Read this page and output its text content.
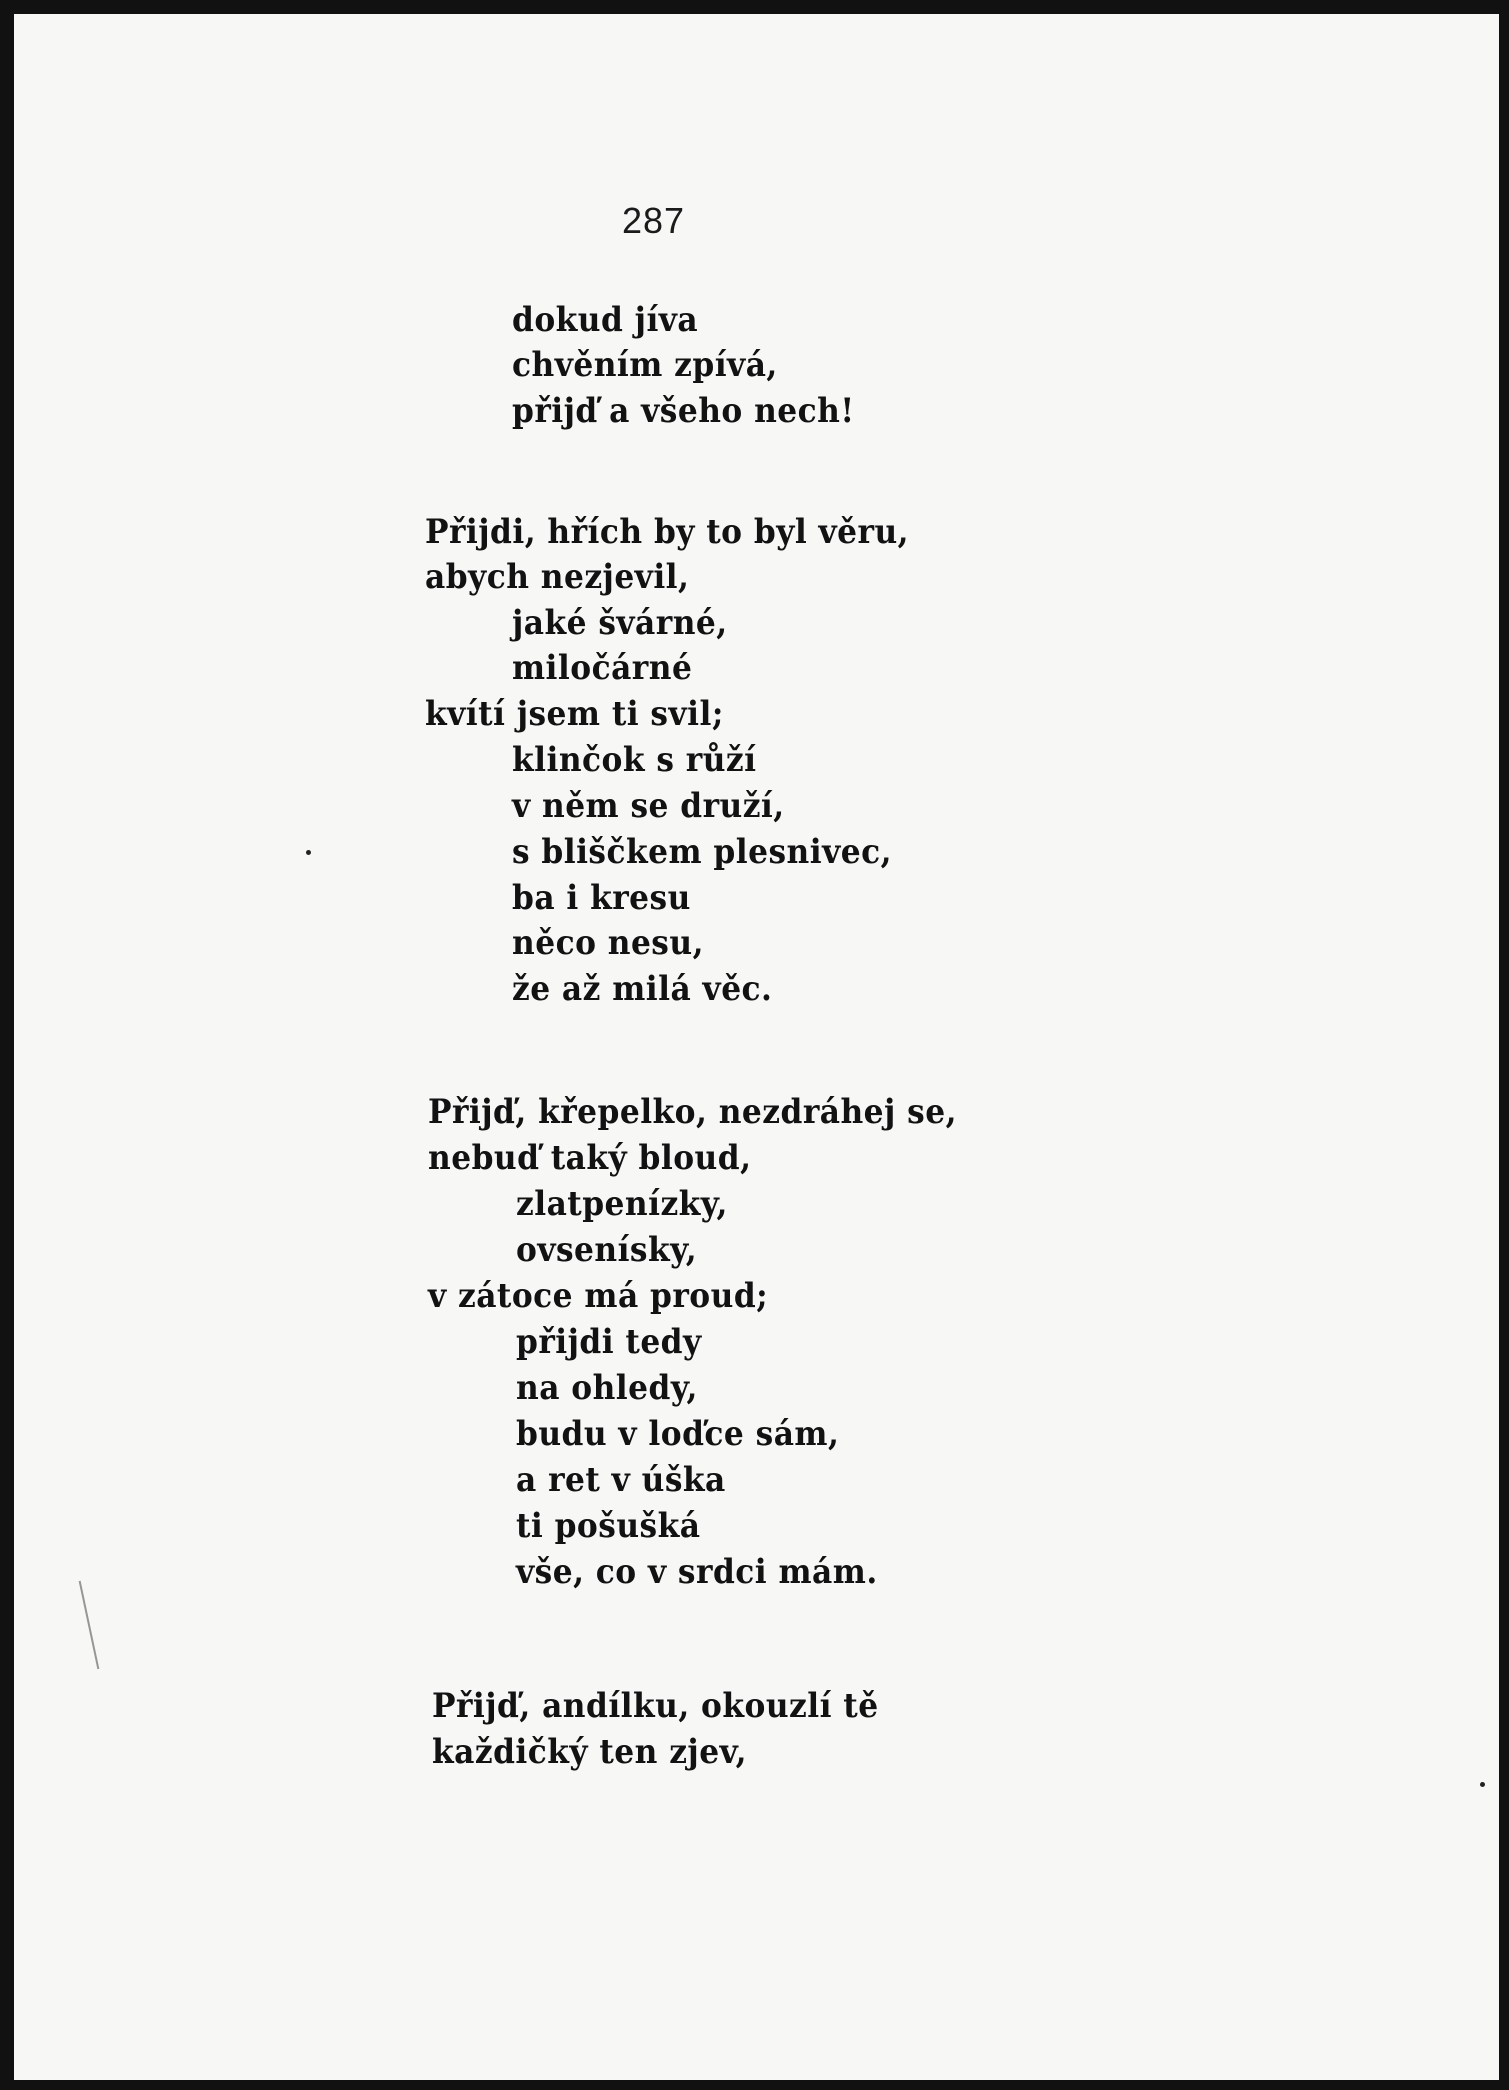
287
dokud jíva
chvěním zpívá,
přijď a všeho nech!
Přijdi, hřích by to byl věru,
abych nezjevil,
jaké švárné,
miločárné
kvítí jsem ti svil;
klinčok s růží
v něm se druží,
s bliščkem plesnivec,
ba i kresu
něco nesu,
že až milá věc.
Přijď, křepelko, nezdráhej se,
nebuď taký bloud,
zlatpenízky,
ovsenísky,
v zátoce má proud;
přijdi tedy
na ohledy,
budu v loďce sám,
a ret v úška
ti pošušká
vše, co v srdci mám.
Přijď, andílku, okouzlí tě
každičký ten zjev,
